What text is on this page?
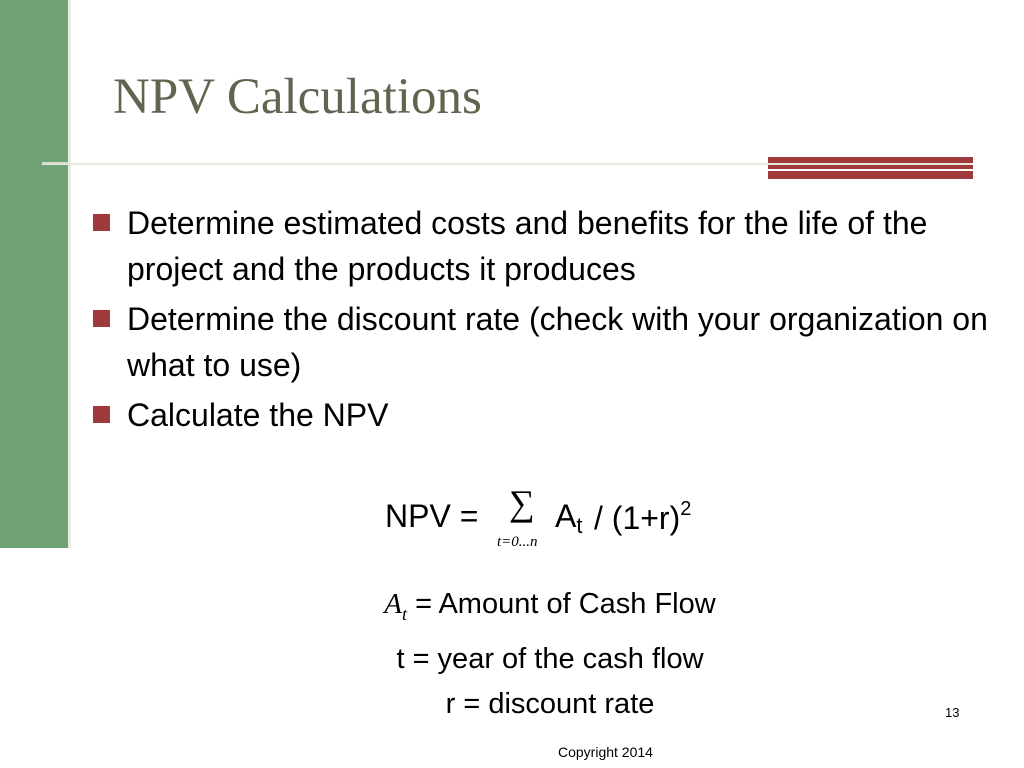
NPV Calculations
Determine estimated costs and benefits for the life of the project and the products it produces
Determine the discount rate (check with your organization on what to use)
Calculate the NPV
NPV = ∑
t=0...n
$A_t / (1+r)^2$
$A_t$ = Amount of Cash Flow
t = year of the cash flow
r = discount rate	13
Copyright 2014
